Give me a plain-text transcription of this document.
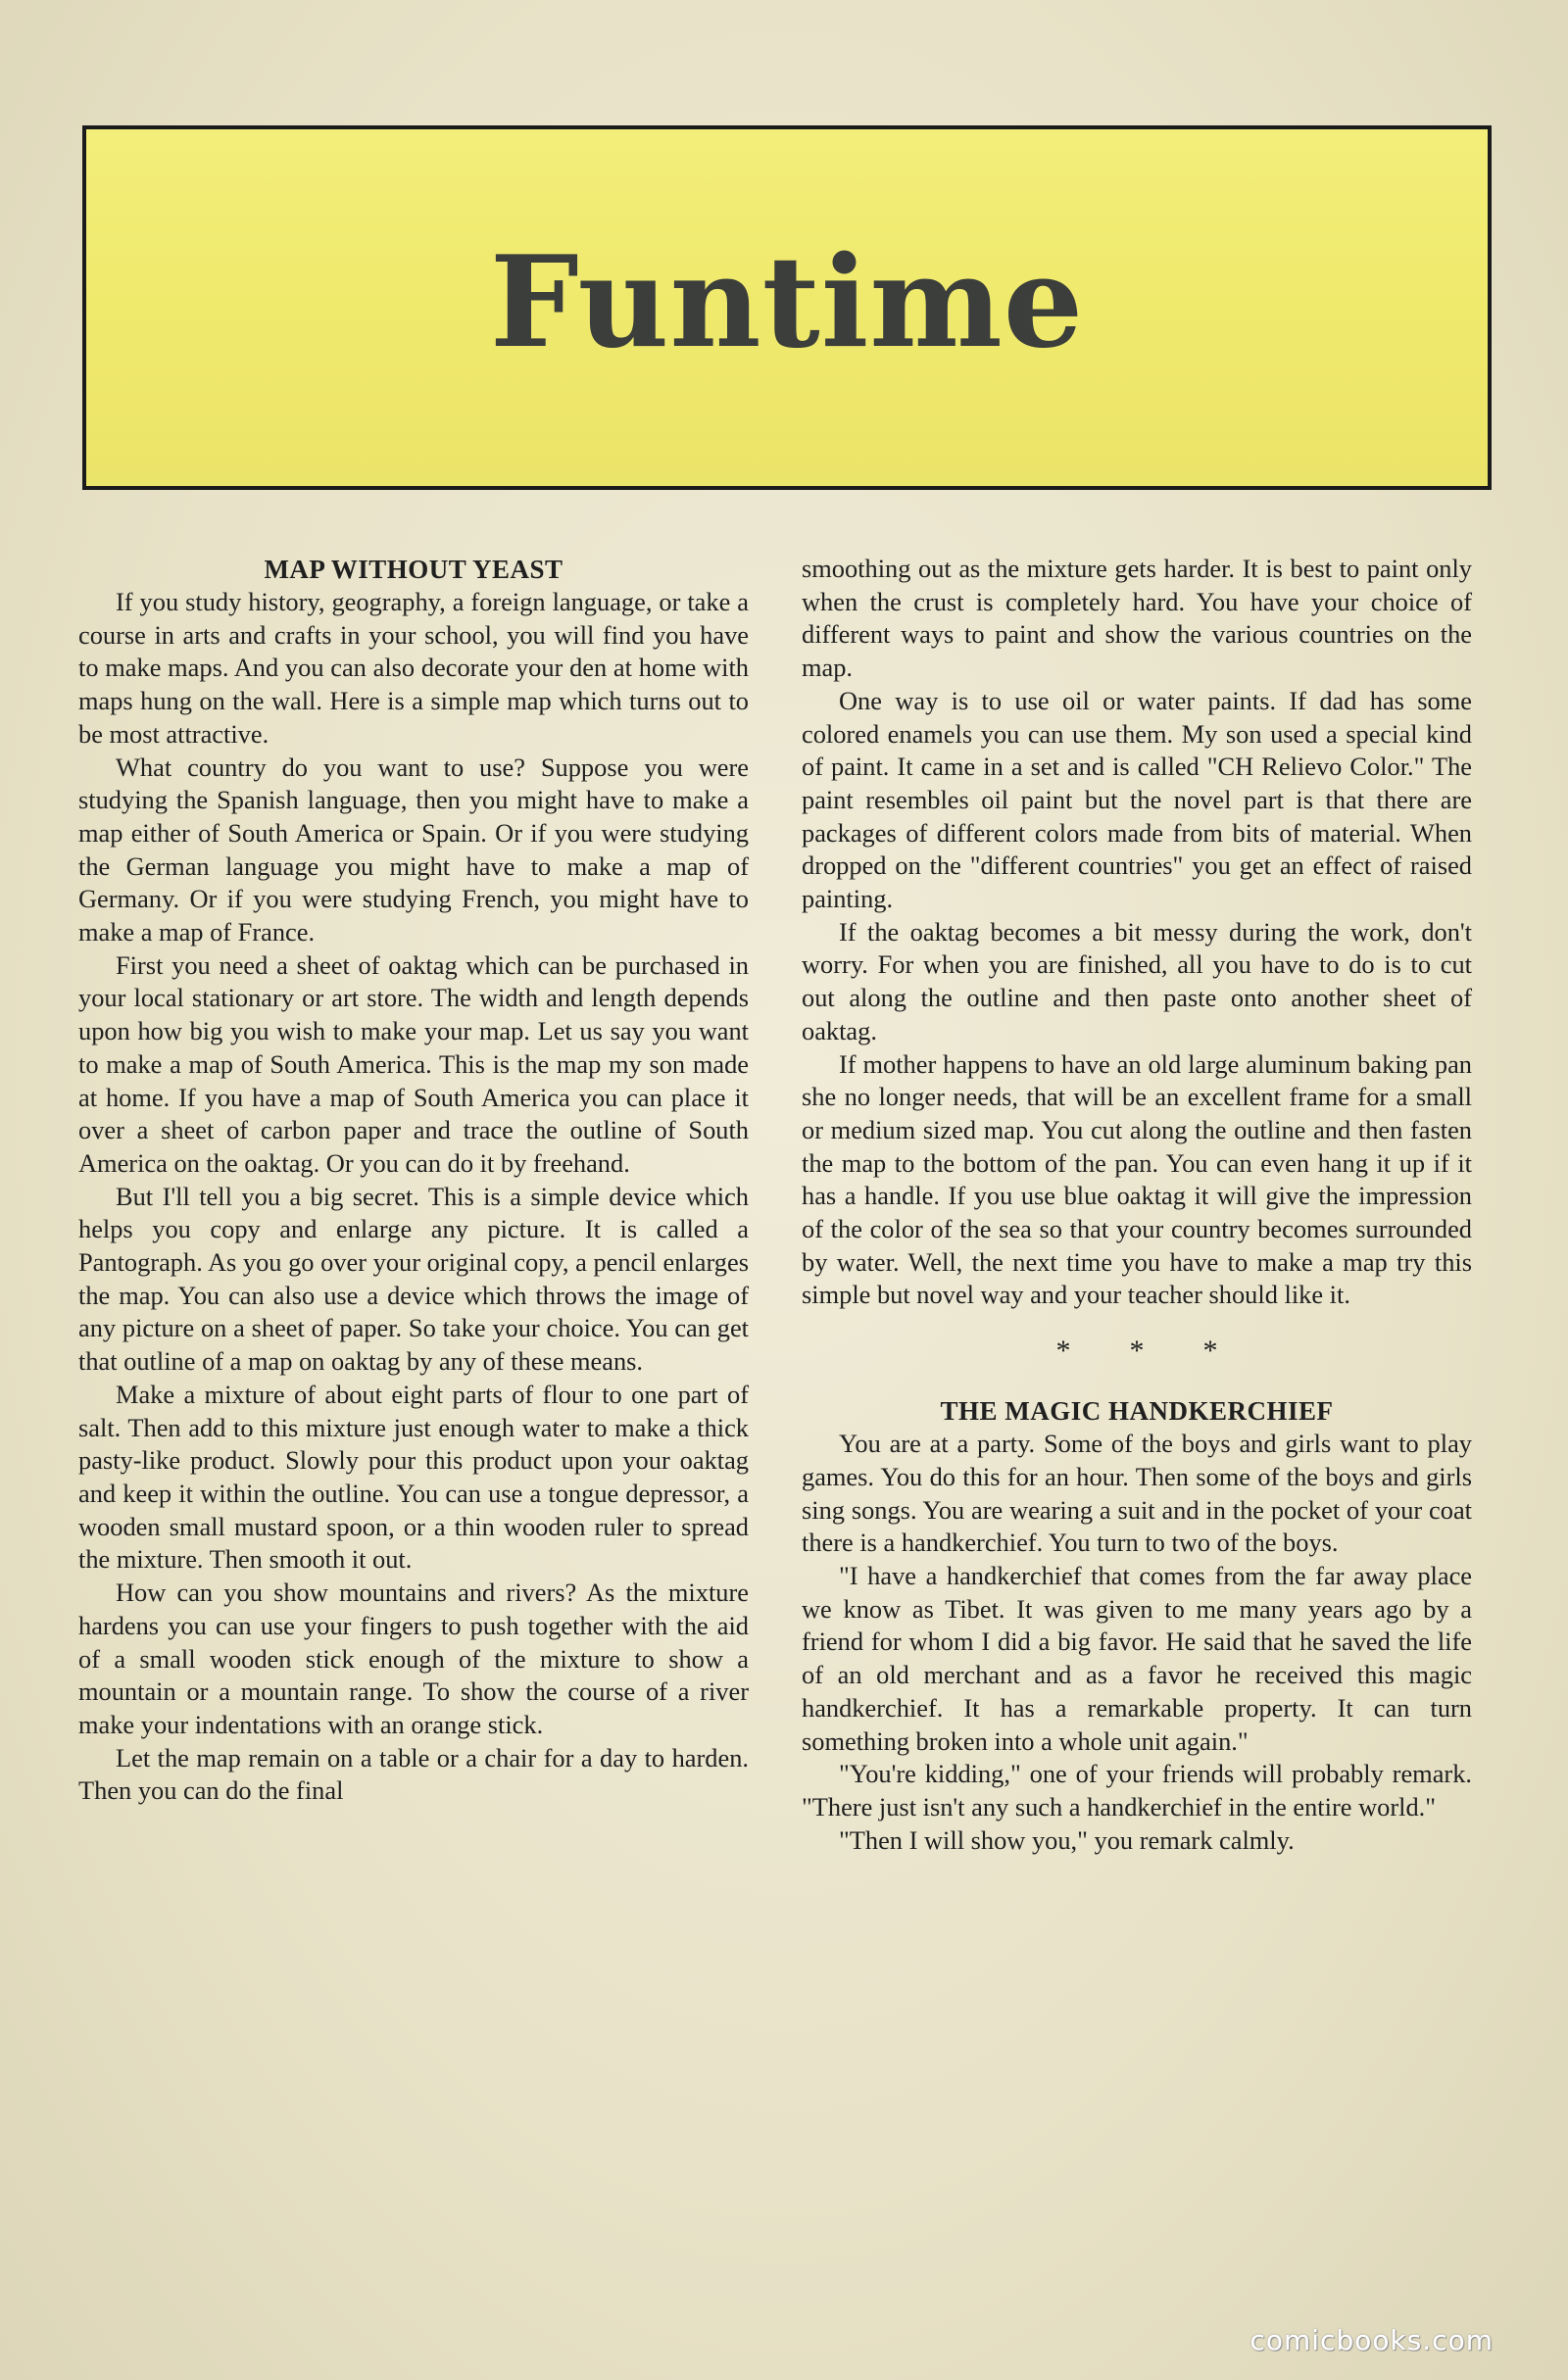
Funtime
MAP WITHOUT YEAST

If you study history, geography, a foreign language, or take a course in arts and crafts in your school, you will find you have to make maps. And you can also decorate your den at home with maps hung on the wall. Here is a simple map which turns out to be most attractive.

What country do you want to use? Suppose you were studying the Spanish language, then you might have to make a map either of South America or Spain. Or if you were studying the German language you might have to make a map of Germany. Or if you were studying French, you might have to make a map of France.

First you need a sheet of oaktag which can be purchased in your local stationary or art store. The width and length depends upon how big you wish to make your map. Let us say you want to make a map of South America. This is the map my son made at home. If you have a map of South America you can place it over a sheet of carbon paper and trace the outline of South America on the oaktag. Or you can do it by freehand.

But I'll tell you a big secret. This is a simple device which helps you copy and enlarge any picture. It is called a Pantograph. As you go over your original copy, a pencil enlarges the map. You can also use a device which throws the image of any picture on a sheet of paper. So take your choice. You can get that outline of a map on oaktag by any of these means.

Make a mixture of about eight parts of flour to one part of salt. Then add to this mixture just enough water to make a thick pasty-like product. Slowly pour this product upon your oaktag and keep it within the outline. You can use a tongue depressor, a wooden small mustard spoon, or a thin wooden ruler to spread the mixture. Then smooth it out.

How can you show mountains and rivers? As the mixture hardens you can use your fingers to push together with the aid of a small wooden stick enough of the mixture to show a mountain or a mountain range. To show the course of a river make your indentations with an orange stick.

Let the map remain on a table or a chair for a day to harden. Then you can do the final

smoothing out as the mixture gets harder. It is best to paint only when the crust is completely hard. You have your choice of different ways to paint and show the various countries on the map.

One way is to use oil or water paints. If dad has some colored enamels you can use them. My son used a special kind of paint. It came in a set and is called "CH Relievo Color." The paint resembles oil paint but the novel part is that there are packages of different colors made from bits of material. When dropped on the "different countries" you get an effect of raised painting.

If the oaktag becomes a bit messy during the work, don't worry. For when you are finished, all you have to do is to cut out along the outline and then paste onto another sheet of oaktag.

If mother happens to have an old large aluminum baking pan she no longer needs, that will be an excellent frame for a small or medium sized map. You cut along the outline and then fasten the map to the bottom of the pan. You can even hang it up if it has a handle. If you use blue oaktag it will give the impression of the color of the sea so that your country becomes surrounded by water. Well, the next time you have to make a map try this simple but novel way and your teacher should like it.

* * *
THE MAGIC HANDKERCHIEF

You are at a party. Some of the boys and girls want to play games. You do this for an hour. Then some of the boys and girls sing songs. You are wearing a suit and in the pocket of your coat there is a handkerchief. You turn to two of the boys.

"I have a handkerchief that comes from the far away place we know as Tibet. It was given to me many years ago by a friend for whom I did a big favor. He said that he saved the life of an old merchant and as a favor he received this magic handkerchief. It has a remarkable property. It can turn something broken into a whole unit again."

"You're kidding," one of your friends will probably remark. "There just isn't any such a handkerchief in the entire world."

"Then I will show you," you remark calmly.

comicbooks.com
